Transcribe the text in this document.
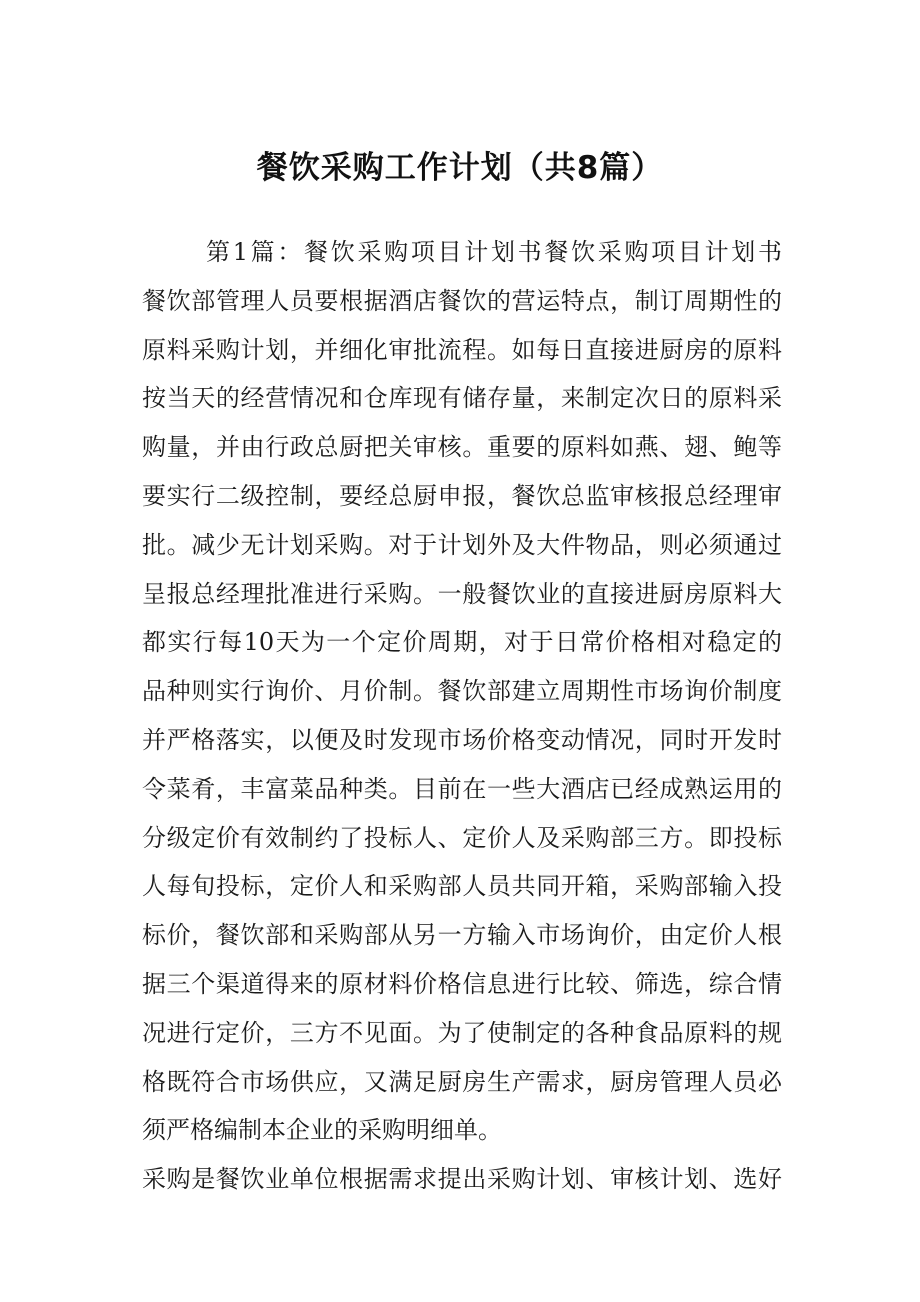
餐饮采购工作计划（共8篇）
第1篇：餐饮采购项目计划书餐饮采购项目计划书
餐饮部管理人员要根据酒店餐饮的营运特点，制订周期性的
原料采购计划，并细化审批流程。如每日直接进厨房的原料
按当天的经营情况和仓库现有储存量，来制定次日的原料采
购量，并由行政总厨把关审核。重要的原料如燕、翅、鲍等
要实行二级控制，要经总厨申报，餐饮总监审核报总经理审
批。减少无计划采购。对于计划外及大件物品，则必须通过
呈报总经理批准进行采购。一般餐饮业的直接进厨房原料大
都实行每10天为一个定价周期，对于日常价格相对稳定的
品种则实行询价、月价制。餐饮部建立周期性市场询价制度
并严格落实，以便及时发现市场价格变动情况，同时开发时
令菜肴，丰富菜品种类。目前在一些大酒店已经成熟运用的
分级定价有效制约了投标人、定价人及采购部三方。即投标
人每旬投标，定价人和采购部人员共同开箱，采购部输入投
标价，餐饮部和采购部从另一方输入市场询价，由定价人根
据三个渠道得来的原材料价格信息进行比较、筛选，综合情
况进行定价，三方不见面。为了使制定的各种食品原料的规
格既符合市场供应，又满足厨房生产需求，厨房管理人员必
须严格编制本企业的采购明细单。
采购是餐饮业单位根据需求提出采购计划、审核计划、选好
